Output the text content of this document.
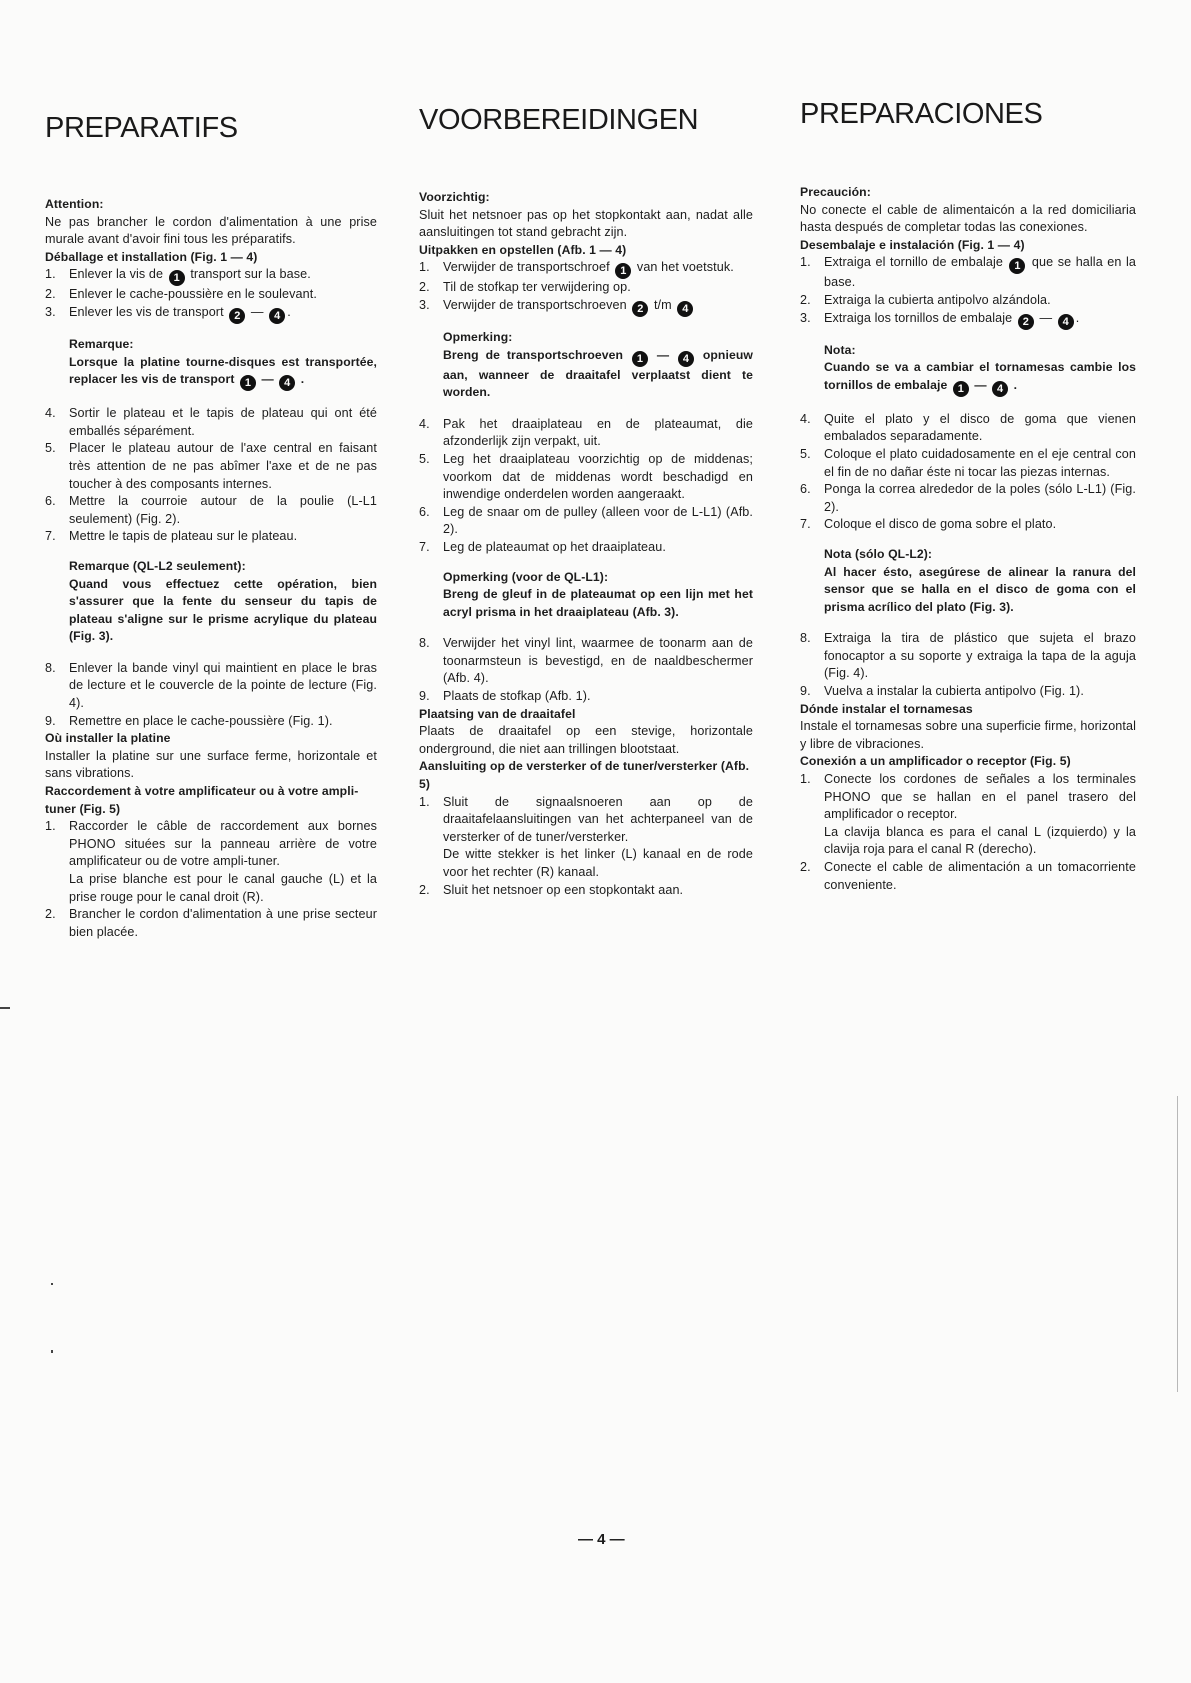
PREPARATIFS
Attention:

Ne pas brancher le cordon d'alimentation à une prise murale avant d'avoir fini tous les préparatifs.

Déballage et installation (Fig. 1 — 4)
1.	Enlever la vis de 1 transport sur la base.
2.	Enlever le cache-poussière en le soulevant.
3.	Enlever les vis de transport 2 — 4 .
Remarque:
Lorsque la platine tourne-disques est transportée, replacer les vis de transport 1 — 4 .
4.	Sortir le plateau et le tapis de plateau qui ont été emballés séparément.
5.	Placer le plateau autour de l'axe central en faisant très attention de ne pas abîmer l'axe et de ne pas toucher à des composants internes.
6.	Mettre la courroie autour de la poulie (L-L1 seulement) (Fig. 2).
7.	Mettre le tapis de plateau sur le plateau.
Remarque (QL-L2 seulement):
Quand vous effectuez cette opération, bien s'assurer que la fente du senseur du tapis de plateau s'aligne sur le prisme acrylique du plateau (Fig. 3).
8.	Enlever la bande vinyl qui maintient en place le bras de lecture et le couvercle de la pointe de lecture (Fig. 4).
9.	Remettre en place le cache-poussière (Fig. 1).
Où installer la platine

Installer la platine sur une surface ferme, horizontale et sans vibrations.

Raccordement à votre amplificateur ou à votre ampli-tuner (Fig. 5)
1.	Raccorder le câble de raccordement aux bornes PHONO situées sur la panneau arrière de votre amplificateur ou de votre ampli-tuner.
La prise blanche est pour le canal gauche (L) et la prise rouge pour le canal droit (R).
2.	Brancher le cordon d'alimentation à une prise secteur bien placée.
VOORBEREIDINGEN
Voorzichtig:

Sluit het netsnoer pas op het stopkontakt aan, nadat alle aansluitingen tot stand gebracht zijn.

Uitpakken en opstellen (Afb. 1 — 4)
1.	Verwijder de transportschroef 1 van het voetstuk.
2.	Til de stofkap ter verwijdering op.
3.	Verwijder de transportschroeven 2 t/m 4
Opmerking:
Breng de transportschroeven 1 — 4 opnieuw aan, wanneer de draaitafel verplaatst dient te worden.
4.	Pak het draaiplateau en de plateaumat, die afzonderlijk zijn verpakt, uit.
5.	Leg het draaiplateau voorzichtig op de middenas; voorkom dat de middenas wordt beschadigd en inwendige onderdelen worden aangeraakt.
6.	Leg de snaar om de pulley (alleen voor de L-L1) (Afb. 2).
7.	Leg de plateaumat op het draaiplateau.
Opmerking (voor de QL-L1):
Breng de gleuf in de plateaumat op een lijn met het acryl prisma in het draaiplateau (Afb. 3).
8.	Verwijder het vinyl lint, waarmee de toonarm aan de toonarmsteun is bevestigd, en de naaldbeschermer (Afb. 4).
9.	Plaats de stofkap (Afb. 1).
Plaatsing van de draaitafel

Plaats de draaitafel op een stevige, horizontale onderground, die niet aan trillingen blootstaat.

Aansluiting op de versterker of de tuner/versterker (Afb. 5)
1.	Sluit de signaalsnoeren aan op de draaitafelaansluitingen van het achterpaneel van de versterker of de tuner/versterker.
De witte stekker is het linker (L) kanaal en de rode voor het rechter (R) kanaal.
2.	Sluit het netsnoer op een stopkontakt aan.
PREPARACIONES
Precaución:

No conecte el cable de alimentaicón a la red domiciliaria hasta después de completar todas las conexiones.

Desembalaje e instalación (Fig. 1 — 4)
1.	Extraiga el tornillo de embalaje 1 que se halla en la base.
2.	Extraiga la cubierta antipolvo alzándola.
3.	Extraiga los tornillos de embalaje 2 — 4 .
Nota:
Cuando se va a cambiar el tornamesas cambie los tornillos de embalaje 1 — 4 .
4.	Quite el plato y el disco de goma que vienen embalados separadamente.
5.	Coloque el plato cuidadosamente en el eje central con el fin de no dañar éste ni tocar las piezas internas.
6.	Ponga la correa alrededor de la poles (sólo L-L1) (Fig. 2).
7.	Coloque el disco de goma sobre el plato.
Nota (sólo QL-L2):
Al hacer ésto, asegúrese de alinear la ranura del sensor que se halla en el disco de goma con el prisma acrílico del plato (Fig. 3).
8.	Extraiga la tira de plástico que sujeta el brazo fonocaptor a su soporte y extraiga la tapa de la aguja (Fig. 4).
9.	Vuelva a instalar la cubierta antipolvo (Fig. 1).
Dónde instalar el tornamesas

Instale el tornamesas sobre una superficie firme, horizontal y libre de vibraciones.

Conexión a un amplificador o receptor (Fig. 5)
1.	Conecte los cordones de señales a los terminales PHONO que se hallan en el panel trasero del amplificador o receptor.
La clavija blanca es para el canal L (izquierdo) y la clavija roja para el canal R (derecho).
2.	Conecte el cable de alimentación a un tomacorriente conveniente.
— 4 —
